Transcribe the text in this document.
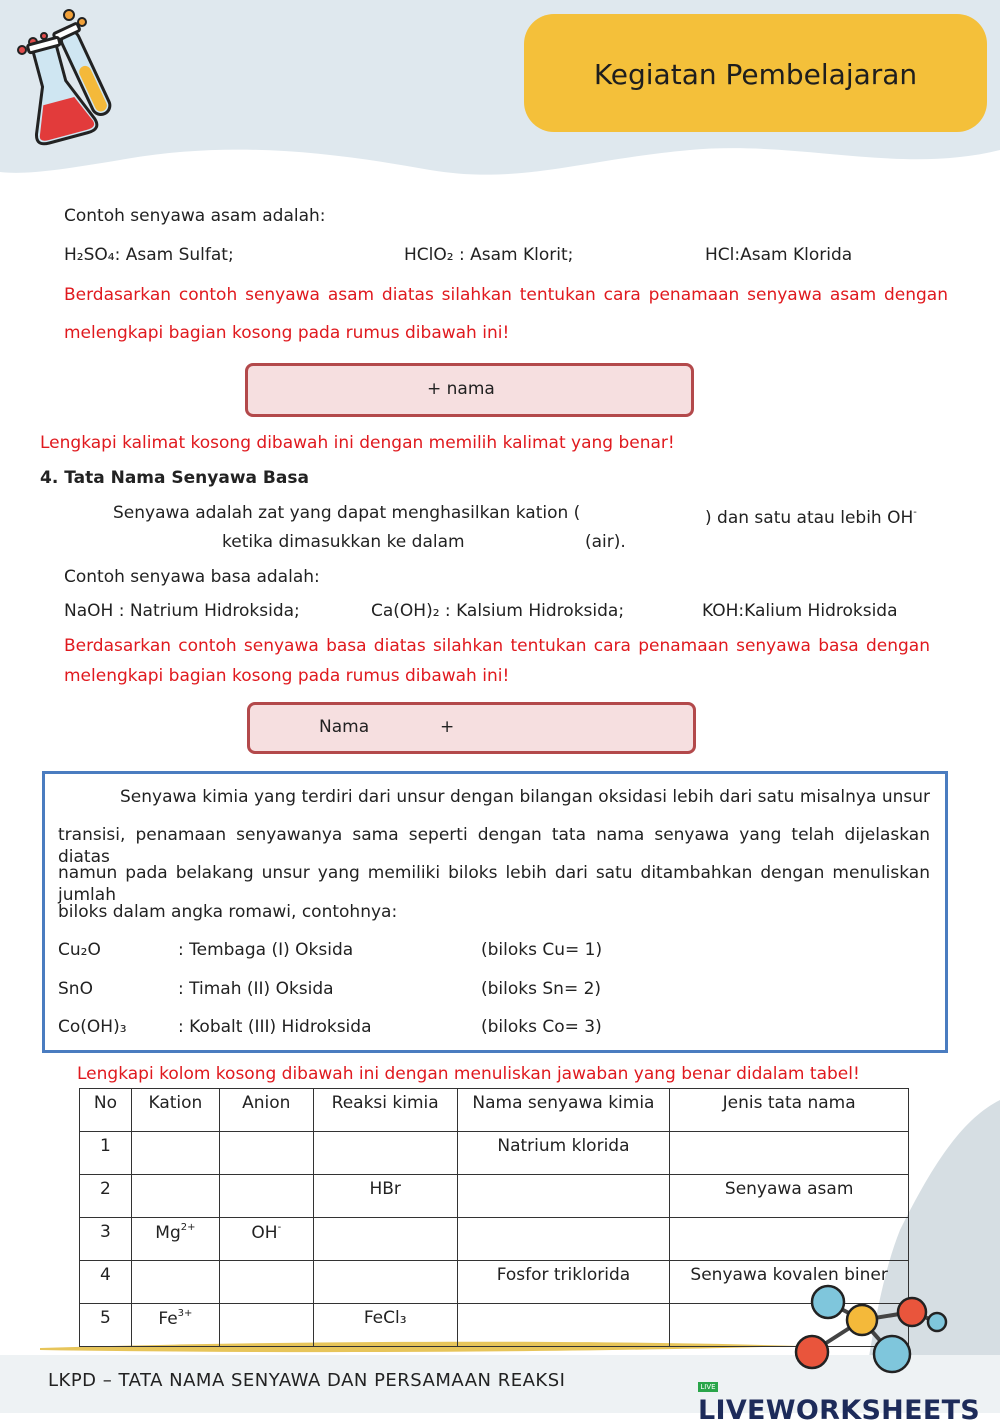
Kegiatan Pembelajaran
Contoh senyawa asam adalah:
H₂SO₄: Asam Sulfat;	HClO₂ : Asam Klorit;	HCl:Asam Klorida
Berdasarkan contoh senyawa asam diatas silahkan tentukan cara penamaan senyawa asam dengan
melengkapi bagian kosong pada rumus dibawah ini!
+ nama
Lengkapi kalimat kosong dibawah ini dengan memilih kalimat yang benar!
4. Tata Nama Senyawa Basa
Senyawa adalah zat yang dapat menghasilkan kation (	) dan satu atau lebih OH-
ketika dimasukkan ke dalam	(air).
Contoh senyawa basa adalah:
NaOH : Natrium Hidroksida;	Ca(OH)₂ : Kalsium Hidroksida;	KOH:Kalium Hidroksida
Berdasarkan contoh senyawa basa diatas silahkan tentukan cara penamaan senyawa basa dengan
melengkapi bagian kosong pada rumus dibawah ini!
Nama	+
Senyawa kimia yang terdiri dari unsur dengan bilangan oksidasi lebih dari satu misalnya unsur
transisi, penamaan senyawanya sama seperti dengan tata nama senyawa yang telah dijelaskan diatas
namun pada belakang unsur yang memiliki biloks lebih dari satu ditambahkan dengan menuliskan jumlah
biloks dalam angka romawi, contohnya:
Cu₂O	: Tembaga (I) Oksida	(biloks Cu= 1)
SnO	: Timah (II) Oksida	(biloks Sn= 2)
Co(OH)₃	: Kobalt (III) Hidroksida	(biloks Co= 3)
Lengkapi kolom kosong dibawah ini dengan menuliskan jawaban yang benar didalam tabel!
No	Kation	Anion	Reaksi kimia	Nama senyawa kimia	Jenis tata nama
1				Natrium klorida	
2			HBr		Senyawa asam
3	$Mg^{2+}$	OH-			
4				Fosfor triklorida	Senyawa kovalen biner
5	$Fe^{3+}$		FeCl₃		
LKPD – TATA NAMA SENYAWA DAN PERSAMAAN REAKSI	LIVE LIVEWORKSHEETS
